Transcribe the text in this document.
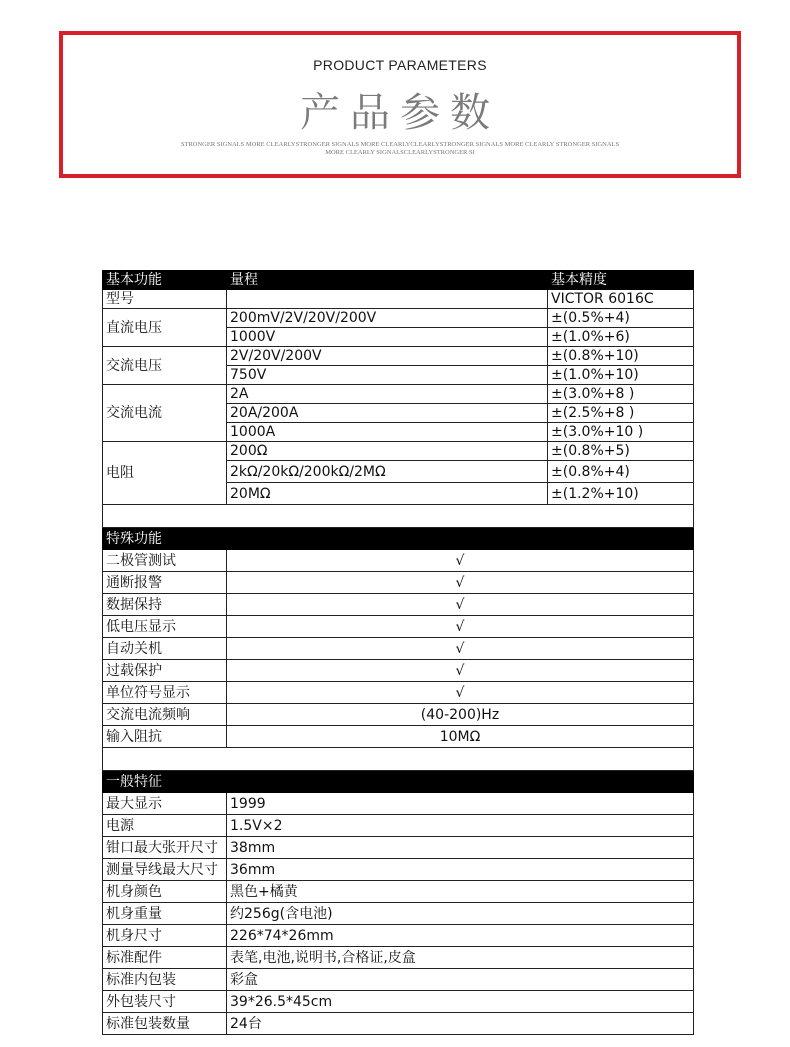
PRODUCT PARAMETERS
产品参数
STRONGER SIGNALS MORE CLEARLYSTRONGER SIGNALS MORE CLEARLYCLEARLYSTRONGER SIGNALS MORE CLEARLY STRONGER SIGNALS MORE CLEARLY SIGNALSCLEARLYSTRONGER SI
基本功能	量程	基本精度
型号		VICTOR 6016C
直流电压	200mV/2V/20V/200V	±(0.5%+4)
	1000V	±(1.0%+6)
交流电压	2V/20V/200V	±(0.8%+10)
	750V	±(1.0%+10)
交流电流	2A	±(3.0%+8 )
	20A/200A	±(2.5%+8 )
	1000A	±(3.0%+10 )
电阻	200Ω	±(0.8%+5)
	2kΩ/20kΩ/200kΩ/2MΩ	±(0.8%+4)
	20MΩ	±(1.2%+10)

特殊功能		
二极管测试	√	
通断报警	√	
数据保持	√	
低电压显示	√	
自动关机	√	
过载保护	√	
单位符号显示	√	
交流电流频响	(40-200)Hz	
输入阻抗	10MΩ	

一般特征		
最大显示	1999	
电源	1.5V×2	
钳口最大张开尺寸	38mm	
测量导线最大尺寸	36mm	
机身颜色	黑色+橘黄	
机身重量	约256g(含电池)	
机身尺寸	226*74*26mm	
标准配件	表笔,电池,说明书,合格证,皮盒	
标准内包装	彩盒	
外包装尺寸	39*26.5*45cm	
标准包装数量	24台	
